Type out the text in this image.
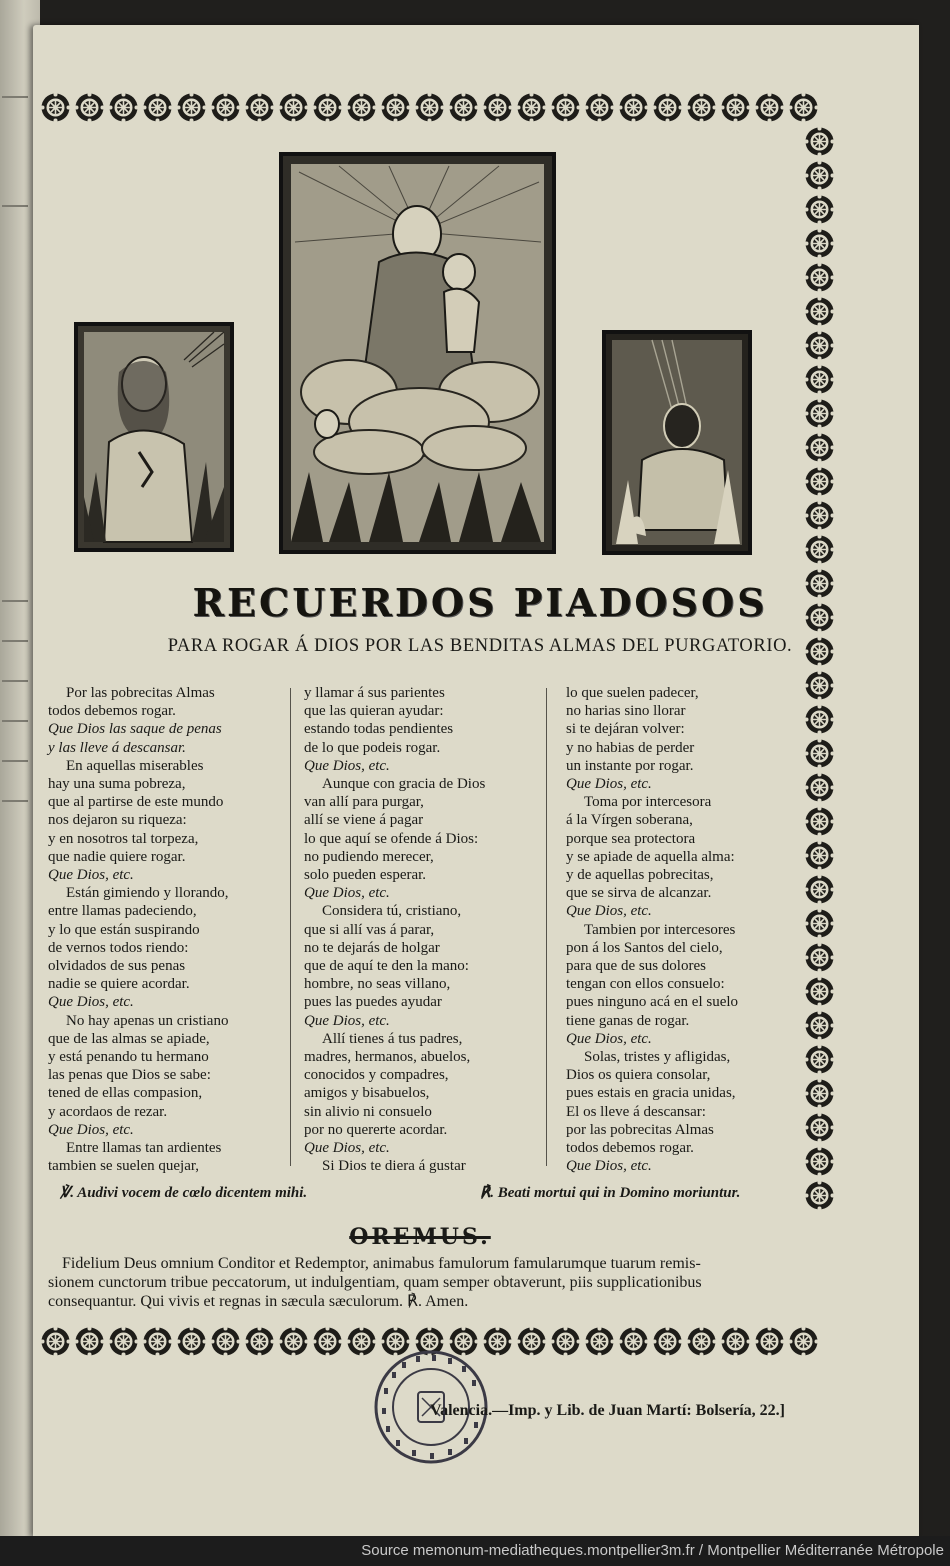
RECUERDOS PIADOSOS
PARA ROGAR Á DIOS POR LAS BENDITAS ALMAS DEL PURGATORIO.
Por las pobrecitas Almas
todos debemos rogar.
Que Dios las saque de penas
y las lleve á descansar.
En aquellas miserables
hay una suma pobreza,
que al partirse de este mundo
nos dejaron su riqueza:
y en nosotros tal torpeza,
que nadie quiere rogar.
Que Dios, etc.
Están gimiendo y llorando,
entre llamas padeciendo,
y lo que están suspirando
de vernos todos riendo:
olvidados de sus penas
nadie se quiere acordar.
Que Dios, etc.
No hay apenas un cristiano
que de las almas se apiade,
y está penando tu hermano
las penas que Dios se sabe:
tened de ellas compasion,
y acordaos de rezar.
Que Dios, etc.
Entre llamas tan ardientes
tambien se suelen quejar,
y llamar á sus parientes
que las quieran ayudar:
estando todas pendientes
de lo que podeis rogar.
Que Dios, etc.
Aunque con gracia de Dios
van allí para purgar,
allí se viene á pagar
lo que aquí se ofende á Dios:
no pudiendo merecer,
solo pueden esperar.
Que Dios, etc.
Considera tú, cristiano,
que si allí vas á parar,
no te dejarás de holgar
que de aquí te den la mano:
hombre, no seas villano,
pues las puedes ayudar
Que Dios, etc.
Allí tienes á tus padres,
madres, hermanos, abuelos,
conocidos y compadres,
amigos y bisabuelos,
sin alivio ni consuelo
por no quererte acordar.
Que Dios, etc.
Si Dios te diera á gustar
lo que suelen padecer,
no harias sino llorar
si te dejáran volver:
y no habias de perder
un instante por rogar.
Que Dios, etc.
Toma por intercesora
á la Vírgen soberana,
porque sea protectora
y se apiade de aquella alma:
y de aquellas pobrecitas,
que se sirva de alcanzar.
Que Dios, etc.
Tambien por intercesores
pon á los Santos del cielo,
para que de sus dolores
tengan con ellos consuelo:
pues ninguno acá en el suelo
tiene ganas de rogar.
Que Dios, etc.
Solas, tristes y afligidas,
Dios os quiera consolar,
pues estais en gracia unidas,
El os lleve á descansar:
por las pobrecitas Almas
todos debemos rogar.
Que Dios, etc.
℣. Audivi vocem de cœlo dicentem mihi.	℟. Beati mortui qui in Domino moriuntur.
OREMUS.
Fidelium Deus omnium Conditor et Redemptor, animabus famulorum famularumque tuarum remis-
sionem cunctorum tribue peccatorum, ut indulgentiam, quam semper obtaverunt, piis supplicationibus
consequantur. Qui vivis et regnas in sæcula sæculorum. ℟. Amen.
Valencia.—Imp. y Lib. de Juan Martí: Bolsería, 22.]
Source memonum-mediatheques.montpellier3m.fr / Montpellier Méditerranée Métropole
